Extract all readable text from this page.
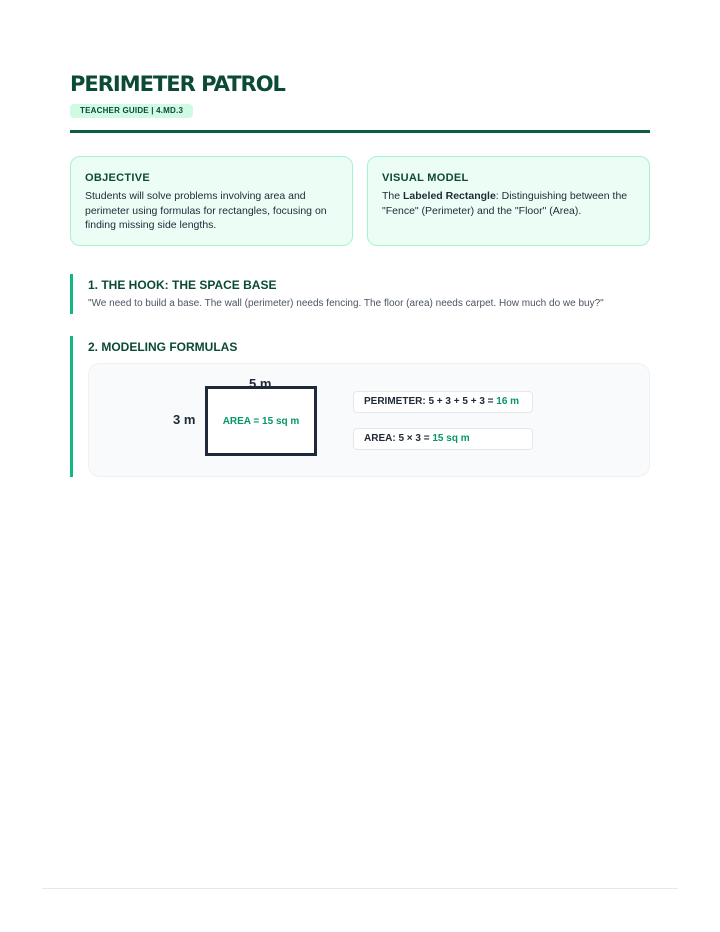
PERIMETER PATROL
TEACHER GUIDE | 4.MD.3
OBJECTIVE
Students will solve problems involving area and perimeter using formulas for rectangles, focusing on finding missing side lengths.
VISUAL MODEL
The Labeled Rectangle: Distinguishing between the "Fence" (Perimeter) and the "Floor" (Area).
1. THE HOOK: THE SPACE BASE
"We need to build a base. The wall (perimeter) needs fencing. The floor (area) needs carpet. How much do we buy?"
2. MODELING FORMULAS
AREA = 15 sq m
5 m
3 m
PERIMETER: 5 + 3 + 5 + 3 = 16 m
AREA: 5 × 3 = 15 sq m
